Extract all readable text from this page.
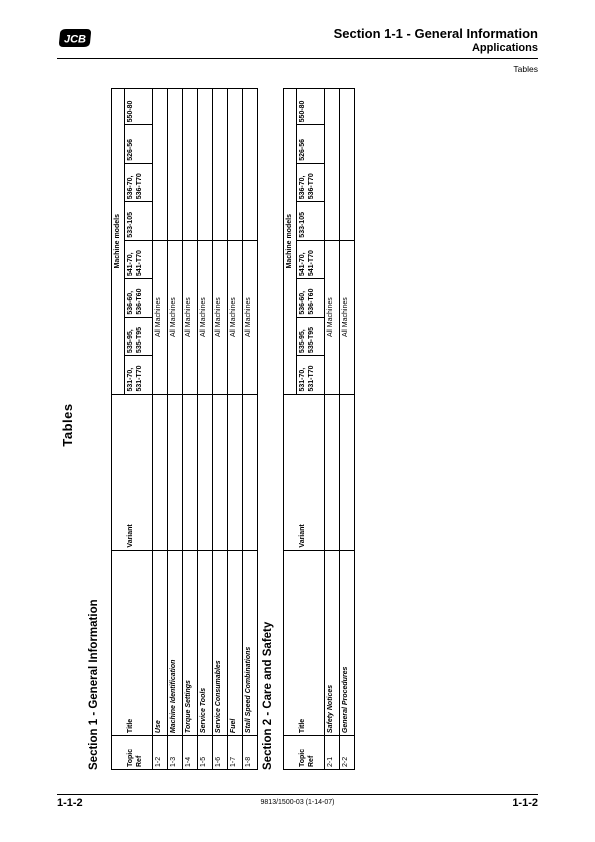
JCB	Section 1-1 - General Information
Applications
Tables
Tables
Section 1 - General Information
			Machine models							
Topic Ref	Title	Variant	531-70, 531-T70	535-95, 535-T95	536-60, 536-T60	541-70, 541-T70	533-105	536-70, 536-T70	526-56	550-80
1-2	Use		All Machines							
1-3	Machine Identification		All Machines							
1-4	Torque Settings		All Machines							
1-5	Service Tools		All Machines							
1-6	Service Consumables		All Machines							
1-7	Fuel		All Machines							
1-8	Stall Speed Combinations		All Machines							
Section 2 - Care and Safety
			Machine models							
Topic Ref	Title	Variant	531-70, 531-T70	535-95, 535-T95	536-60, 536-T60	541-70, 541-T70	533-105	536-70, 536-T70	526-56	550-80
2-1	Safety Notices		All Machines							
2-2	General Procedures		All Machines							
1-1-2	9813/1500-03 (1-14-07)	1-1-2
